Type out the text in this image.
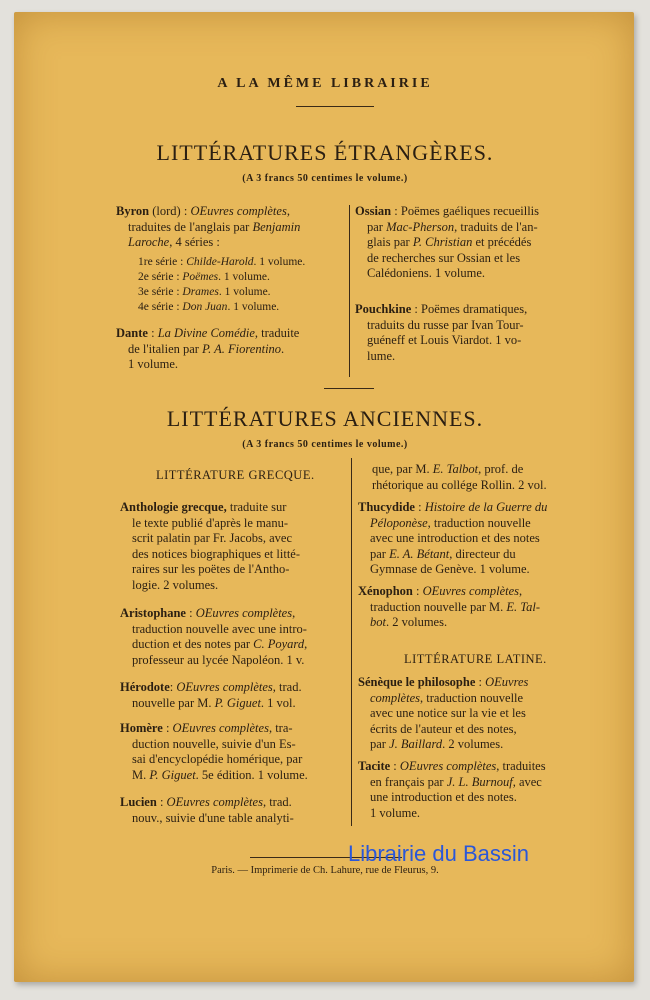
A LA MÊME LIBRAIRIE
LITTÉRATURES ÉTRANGÈRES.
(A 3 francs 50 centimes le volume.)
Byron (lord) : OEuvres complètes,
traduites de l'anglais par Benjamin
Laroche, 4 séries :
1re série : Childe-Harold. 1 volume.
2e série : Poëmes. 1 volume.
3e série : Drames. 1 volume.
4e série : Don Juan. 1 volume.
Dante : La Divine Comédie, traduite
de l'italien par P. A. Fiorentino.
1 volume.
Ossian : Poëmes gaéliques recueillis
par Mac-Pherson, traduits de l'an-
glais par P. Christian et précédés
de recherches sur Ossian et les
Calédoniens. 1 volume.
Pouchkine : Poëmes dramatiques,
traduits du russe par Ivan Tour-
guéneff et Louis Viardot. 1 vo-
lume.
LITTÉRATURES ANCIENNES.
(A 3 francs 50 centimes le volume.)
LITTÉRATURE GRECQUE.
Anthologie grecque, traduite sur
le texte publié d'après le manu-
scrit palatin par Fr. Jacobs, avec
des notices biographiques et litté-
raires sur les poëtes de l'Antho-
logie. 2 volumes.
Aristophane : OEuvres complètes,
traduction nouvelle avec une intro-
duction et des notes par C. Poyard,
professeur au lycée Napoléon. 1 v.
Hérodote: OEuvres complètes, trad.
nouvelle par M. P. Giguet. 1 vol.
Homère : OEuvres complètes, tra-
duction nouvelle, suivie d'un Es-
sai d'encyclopédie homérique, par
M. P. Giguet. 5e édition. 1 volume.
Lucien : OEuvres complètes, trad.
nouv., suivie d'une table analyti-
que, par M. E. Talbot, prof. de
rhétorique au collége Rollin. 2 vol.
Thucydide : Histoire de la Guerre du
Péloponèse, traduction nouvelle
avec une introduction et des notes
par E. A. Bétant, directeur du
Gymnase de Genève. 1 volume.
Xénophon : OEuvres complètes,
traduction nouvelle par M. E. Tal-
bot. 2 volumes.
LITTÉRATURE LATINE.
Sénèque le philosophe : OEuvres
complètes, traduction nouvelle
avec une notice sur la vie et les
écrits de l'auteur et des notes,
par J. Baillard. 2 volumes.
Tacite : OEuvres complètes, traduites
en français par J. L. Burnouf, avec
une introduction et des notes.
1 volume.
Paris. — Imprimerie de Ch. Lahure, rue de Fleurus, 9.
Librairie du Bassin
